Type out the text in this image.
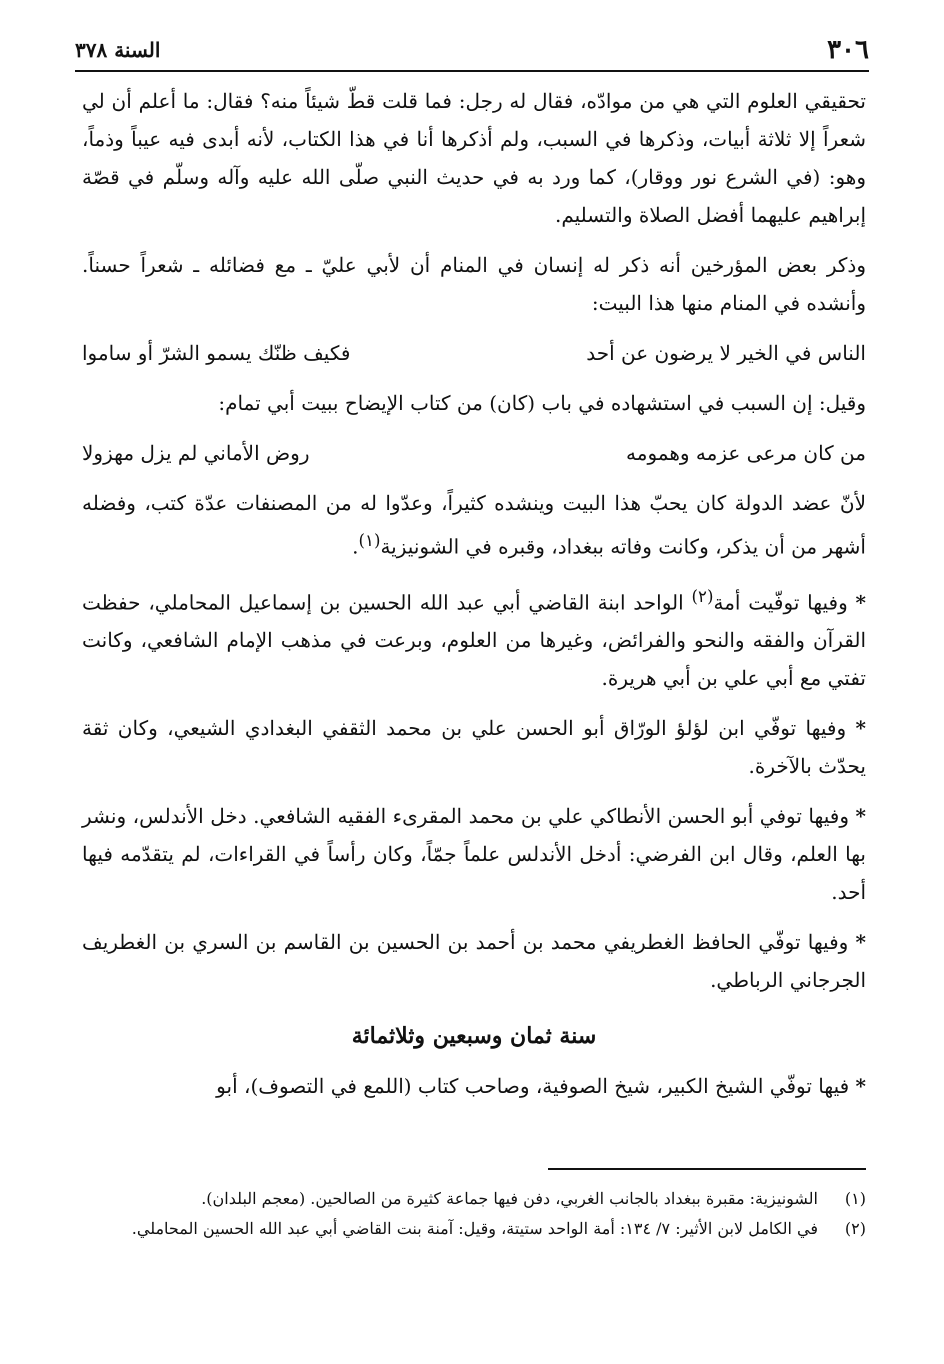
٣٠٦
السنة ٣٧٨

تحقيقي العلوم التي هي من موادّه، فقال له رجل: فما قلت قطّ شيئاً منه؟ فقال: ما أعلم أن لي شعراً إلا ثلاثة أبيات، وذكرها في السبب، ولم أذكرها أنا في هذا الكتاب، لأنه أبدى فيه عيباً وذماً، وهو: (في الشرع نور ووقار)، كما ورد به في حديث النبي صلّى الله عليه وآله وسلّم في قصّة إبراهيم عليهما أفضل الصلاة والتسليم.

وذكر بعض المؤرخين أنه ذكر له إنسان في المنام أن لأبي عليّ ـ مع فضائله ـ شعراً حسناً. وأنشده في المنام منها هذا البيت:

الناس في الخير لا يرضون عن أحد
فكيف ظنّك يسمو الشرّ أو ساموا

وقيل: إن السبب في استشهاده في باب (كان) من كتاب الإيضاح ببيت أبي تمام:

من كان مرعى عزمه وهمومه
روض الأماني لم يزل مهزولا

لأنّ عضد الدولة كان يحبّ هذا البيت وينشده كثيراً، وعدّوا له من المصنفات عدّة كتب، وفضله أشهر من أن يذكر، وكانت وفاته ببغداد، وقبره في الشونيزية$^{(١)}$.

* وفيها توفّيت أمة$^{(٢)}$ الواحد ابنة القاضي أبي عبد الله الحسين بن إسماعيل المحاملي، حفظت القرآن والفقه والنحو والفرائض، وغيرها من العلوم، وبرعت في مذهب الإمام الشافعي، وكانت تفتي مع أبي علي بن أبي هريرة.

* وفيها توفّي ابن لؤلؤ الورّاق أبو الحسن علي بن محمد الثقفي البغدادي الشيعي، وكان ثقة يحدّث بالآخرة.

* وفيها توفي أبو الحسن الأنطاكي علي بن محمد المقرىء الفقيه الشافعي. دخل الأندلس، ونشر بها العلم، وقال ابن الفرضي: أدخل الأندلس علماً جمّاً، وكان رأساً في القراءات، لم يتقدّمه فيها أحد.

* وفيها توفّي الحافظ الغطريفي محمد بن أحمد بن الحسين بن القاسم بن السري بن الغطريف الجرجاني الرباطي.

سنة ثمان وسبعين وثلاثمائة

* فيها توفّي الشيخ الكبير، شيخ الصوفية، وصاحب كتاب (اللمع في التصوف)، أبو

(١)
الشونيزية: مقبرة ببغداد بالجانب الغربي، دفن فيها جماعة كثيرة من الصالحين. (معجم البلدان).
(٢)
في الكامل لابن الأثير: ٧/ ١٣٤: أمة الواحد ستيتة، وقيل: آمنة بنت القاضي أبي عبد الله الحسين المحاملي.
